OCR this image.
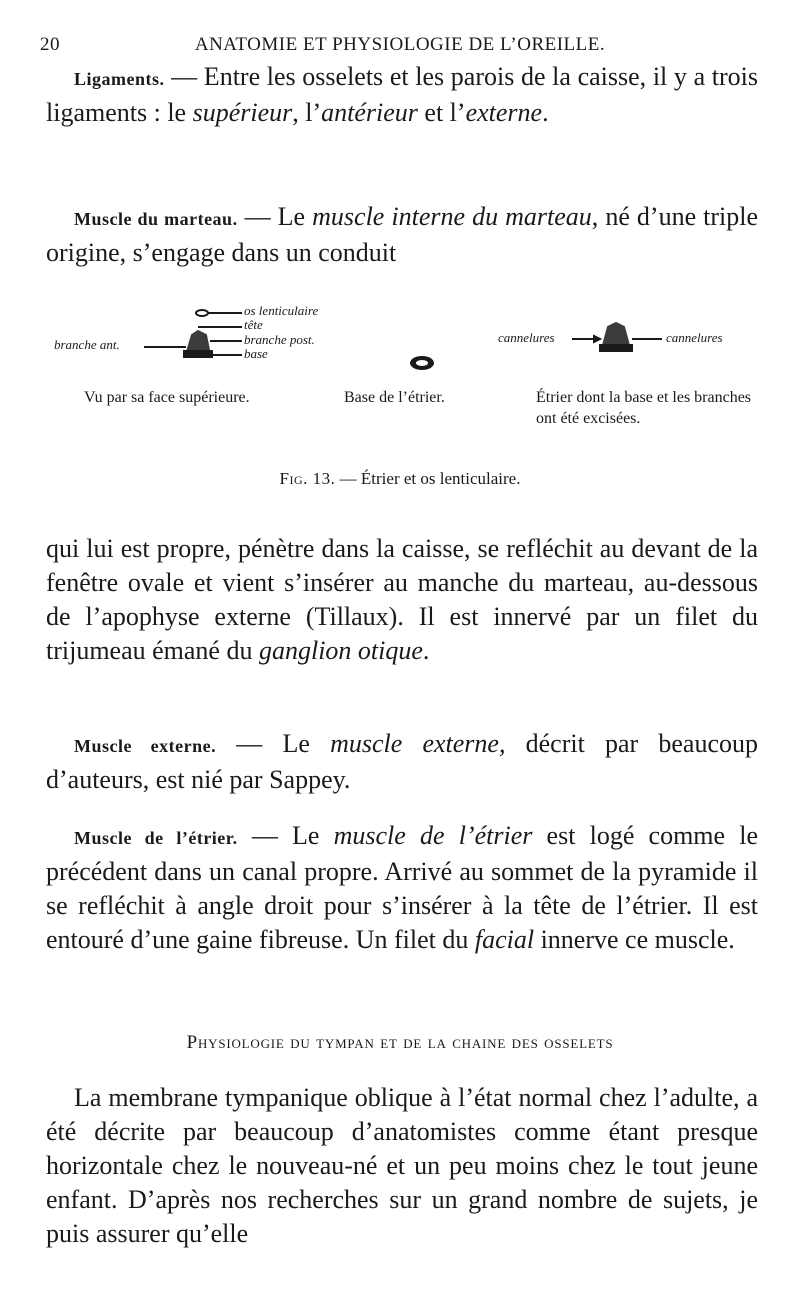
20	ANATOMIE ET PHYSIOLOGIE DE L’OREILLE.

Ligaments. — Entre les osselets et les parois de la caisse, il y a trois ligaments : le supérieur, l’antérieur et l’externe.

Muscle du marteau. — Le muscle interne du marteau, né d’une triple origine, s’engage dans un conduit

os lenticulaire
tête
branche post.
base
branche ant.	cannelures	cannelures
Vu par sa face supérieure.	Base de l’étrier.	Étrier dont la base et les branches ont été excisées.
Fig. 13. — Étrier et os lenticulaire.

qui lui est propre, pénètre dans la caisse, se refléchit au devant de la fenêtre ovale et vient s’insérer au manche du marteau, au-dessous de l’apophyse externe (Tillaux). Il est innervé par un filet du trijumeau émané du ganglion otique.

Muscle externe. — Le muscle externe, décrit par beaucoup d’auteurs, est nié par Sappey.

Muscle de l’étrier. — Le muscle de l’étrier est logé comme le précédent dans un canal propre. Arrivé au sommet de la pyramide il se refléchit à angle droit pour s’insérer à la tête de l’étrier. Il est entouré d’une gaine fibreuse. Un filet du facial innerve ce muscle.

Physiologie du tympan et de la chaine des osselets

La membrane tympanique oblique à l’état normal chez l’adulte, a été décrite par beaucoup d’anatomistes comme étant presque horizontale chez le nouveau-né et un peu moins chez le tout jeune enfant. D’après nos recherches sur un grand nombre de sujets, je puis assurer qu’elle
